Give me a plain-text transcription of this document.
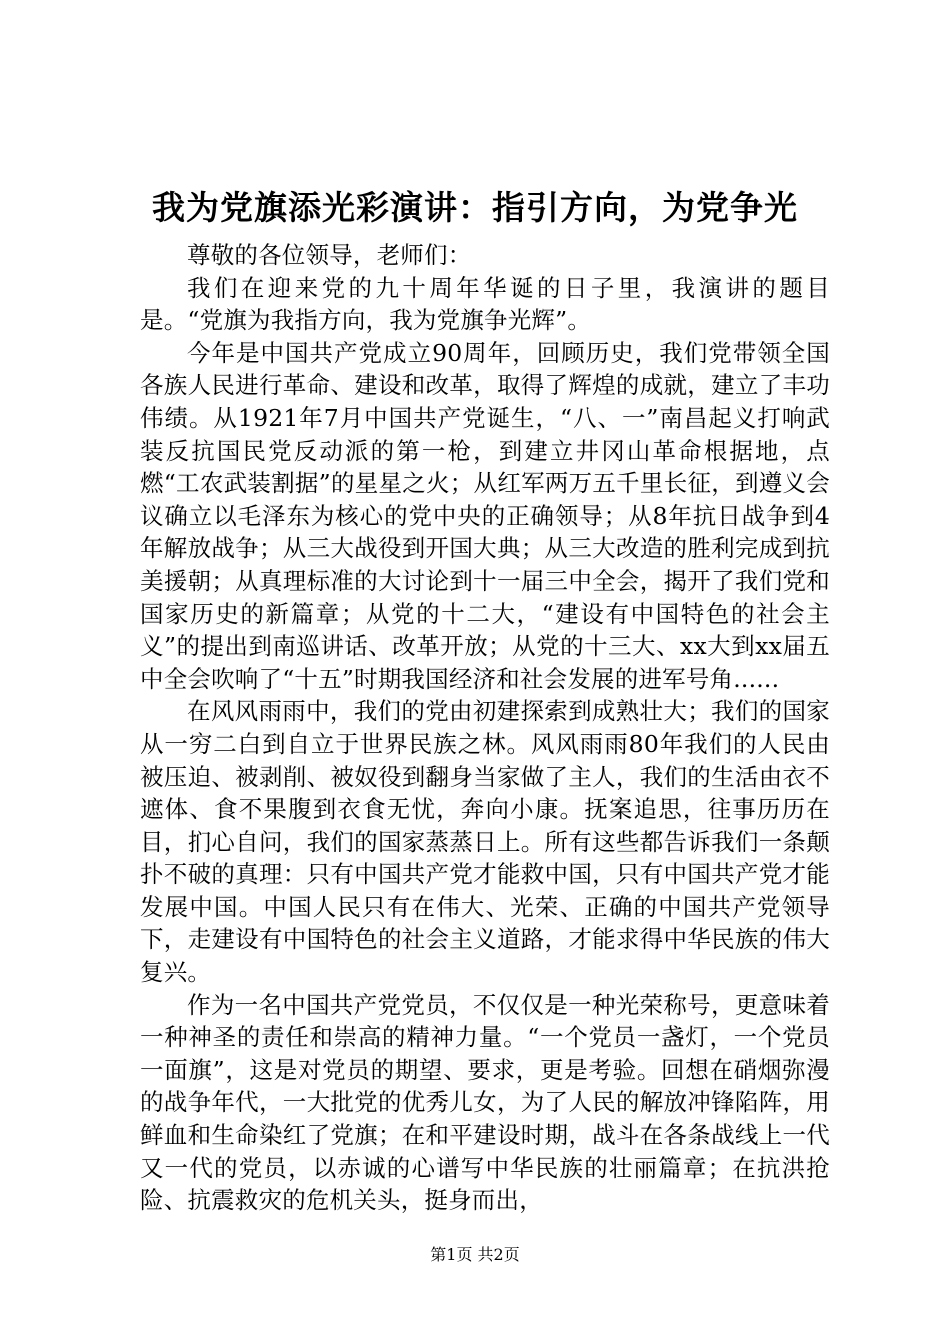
我为党旗添光彩演讲：指引方向，为党争光

尊敬的各位领导，老师们：

我们在迎来党的九十周年华诞的日子里，我演讲的题目是。“党旗为我指方向，我为党旗争光辉”。

今年是中国共产党成立90周年，回顾历史，我们党带领全国各族人民进行革命、建设和改革，取得了辉煌的成就，建立了丰功伟绩。从1921年7月中国共产党诞生，“八、一”南昌起义打响武装反抗国民党反动派的第一枪，到建立井冈山革命根据地，点燃“工农武装割据”的星星之火；从红军两万五千里长征，到遵义会议确立以毛泽东为核心的党中央的正确领导；从8年抗日战争到4年解放战争；从三大战役到开国大典；从三大改造的胜利完成到抗美援朝；从真理标准的大讨论到十一届三中全会，揭开了我们党和国家历史的新篇章；从党的十二大，“建设有中国特色的社会主义”的提出到南巡讲话、改革开放；从党的十三大、xx大到xx届五中全会吹响了“十五”时期我国经济和社会发展的进军号角......

在风风雨雨中，我们的党由初建探索到成熟壮大；我们的国家从一穷二白到自立于世界民族之林。风风雨雨80年我们的人民由被压迫、被剥削、被奴役到翻身当家做了主人，我们的生活由衣不遮体、食不果腹到衣食无忧，奔向小康。抚案追思，往事历历在目，扪心自问，我们的国家蒸蒸日上。所有这些都告诉我们一条颠扑不破的真理：只有中国共产党才能救中国，只有中国共产党才能发展中国。中国人民只有在伟大、光荣、正确的中国共产党领导下，走建设有中国特色的社会主义道路，才能求得中华民族的伟大复兴。

作为一名中国共产党党员，不仅仅是一种光荣称号，更意味着一种神圣的责任和崇高的精神力量。“一个党员一盏灯，一个党员一面旗”，这是对党员的期望、要求，更是考验。回想在硝烟弥漫的战争年代，一大批党的优秀儿女，为了人民的解放冲锋陷阵，用鲜血和生命染红了党旗；在和平建设时期，战斗在各条战线上一代又一代的党员，以赤诚的心谱写中华民族的壮丽篇章；在抗洪抢险、抗震救灾的危机关头，挺身而出，

第1页 共2页
